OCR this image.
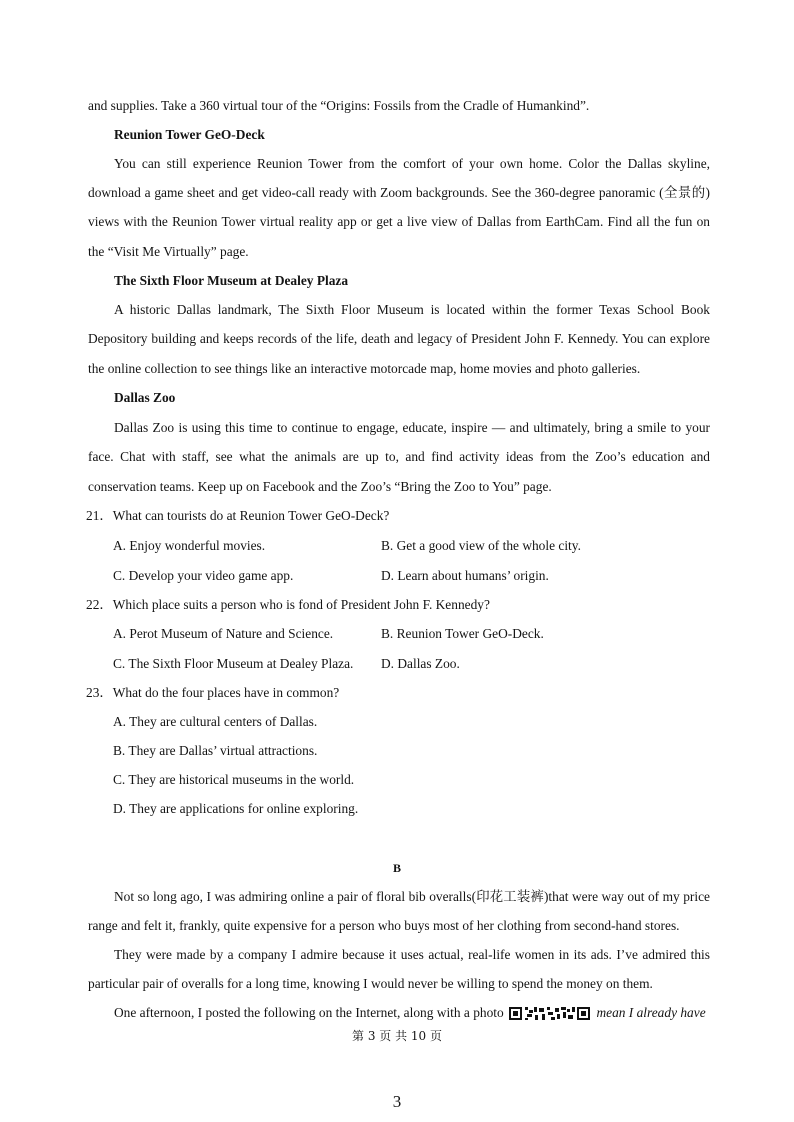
and supplies. Take a 360 virtual tour of the “Origins: Fossils from the Cradle of Humankind”.
Reunion Tower GeO-Deck
You can still experience Reunion Tower from the comfort of your own home. Color the Dallas skyline,
download a game sheet and get video-call ready with Zoom backgrounds. See the 360-degree panoramic (全景的)
views with the Reunion Tower virtual reality app or get a live view of Dallas from EarthCam. Find all the fun on
the “Visit Me Virtually” page.
The Sixth Floor Museum at Dealey Plaza
A historic Dallas landmark, The Sixth Floor Museum is located within the former Texas School Book
Depository building and keeps records of the life, death and legacy of President John F. Kennedy. You can explore
the online collection to see things like an interactive motorcade map, home movies and photo galleries.
Dallas Zoo
Dallas Zoo is using this time to continue to engage, educate, inspire — and ultimately, bring a smile to your
face. Chat with staff, see what the animals are up to, and find activity ideas from the Zoo’s education and
conservation teams. Keep up on Facebook and the Zoo’s “Bring the Zoo to You” page.
21．What can tourists do at Reunion Tower GeO-Deck?
A. Enjoy wonderful movies.	B. Get a good view of the whole city.
C. Develop your video game app.	D. Learn about humans’ origin.
22．Which place suits a person who is fond of President John F. Kennedy?
A. Perot Museum of Nature and Science.	B. Reunion Tower GeO-Deck.
C. The Sixth Floor Museum at Dealey Plaza. D. Dallas Zoo.
23．What do the four places have in common?
A. They are cultural centers of Dallas.
B. They are Dallas’ virtual attractions.
C. They are historical museums in the world.
D. They are applications for online exploring.
B
Not so long ago, I was admiring online a pair of floral bib overalls(印花工装裤)that were way out of my price
range and felt it, frankly, quite expensive for a person who buys most of her clothing from second-hand stores.
They were made by a company I admire because it uses actual, real-life women in its ads. I’ve admired this
particular pair of overalls for a long time, knowing I would never be willing to spend the money on them.
One afternoon, I posted the following on the Internet, along with a photo	mean I already have
第 3 页 共 10 页
3
